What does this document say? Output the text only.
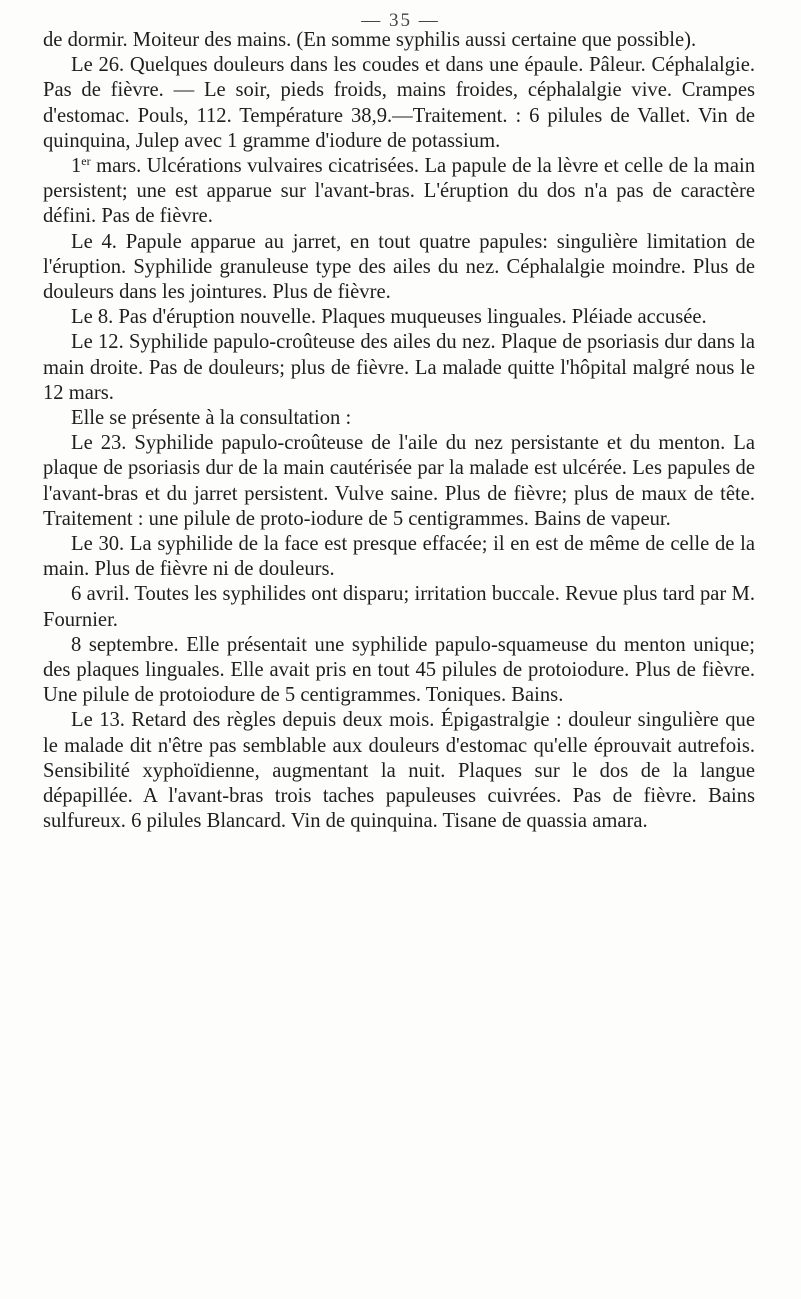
— 35 —

de dormir. Moiteur des mains. (En somme syphilis aussi certaine que possible).

Le 26. Quelques douleurs dans les coudes et dans une épaule. Pâleur. Céphalalgie. Pas de fièvre. — Le soir, pieds froids, mains froides, céphalalgie vive. Crampes d'estomac. Pouls, 112. Température 38,9.—Traitement. : 6 pilules de Vallet. Vin de quinquina, Julep avec 1 gramme d'iodure de potassium.

1er mars. Ulcérations vulvaires cicatrisées. La papule de la lèvre et celle de la main persistent; une est apparue sur l'avant-bras. L'éruption du dos n'a pas de caractère défini. Pas de fièvre.

Le 4. Papule apparue au jarret, en tout quatre papules: singulière limitation de l'éruption. Syphilide granuleuse type des ailes du nez. Céphalalgie moindre. Plus de douleurs dans les jointures. Plus de fièvre.

Le 8. Pas d'éruption nouvelle. Plaques muqueuses linguales. Pléiade accusée.

Le 12. Syphilide papulo-croûteuse des ailes du nez. Plaque de psoriasis dur dans la main droite. Pas de douleurs; plus de fièvre. La malade quitte l'hôpital malgré nous le 12 mars.

Elle se présente à la consultation :

Le 23. Syphilide papulo-croûteuse de l'aile du nez persistante et du menton. La plaque de psoriasis dur de la main cautérisée par la malade est ulcérée. Les papules de l'avant-bras et du jarret persistent. Vulve saine. Plus de fièvre; plus de maux de tête. Traitement : une pilule de proto-iodure de 5 centigrammes. Bains de vapeur.

Le 30. La syphilide de la face est presque effacée; il en est de même de celle de la main. Plus de fièvre ni de douleurs.

6 avril. Toutes les syphilides ont disparu; irritation buccale. Revue plus tard par M. Fournier.

8 septembre. Elle présentait une syphilide papulo-squameuse du menton unique; des plaques linguales. Elle avait pris en tout 45 pilules de protoiodure. Plus de fièvre. Une pilule de protoiodure de 5 centigrammes. Toniques. Bains.

Le 13. Retard des règles depuis deux mois. Épigastralgie : douleur singulière que le malade dit n'être pas semblable aux douleurs d'estomac qu'elle éprouvait autrefois. Sensibilité xyphoïdienne, augmentant la nuit. Plaques sur le dos de la langue dépapillée. A l'avant-bras trois taches papuleuses cuivrées. Pas de fièvre. Bains sulfureux. 6 pilules Blancard. Vin de quinquina. Tisane de quassia amara.
